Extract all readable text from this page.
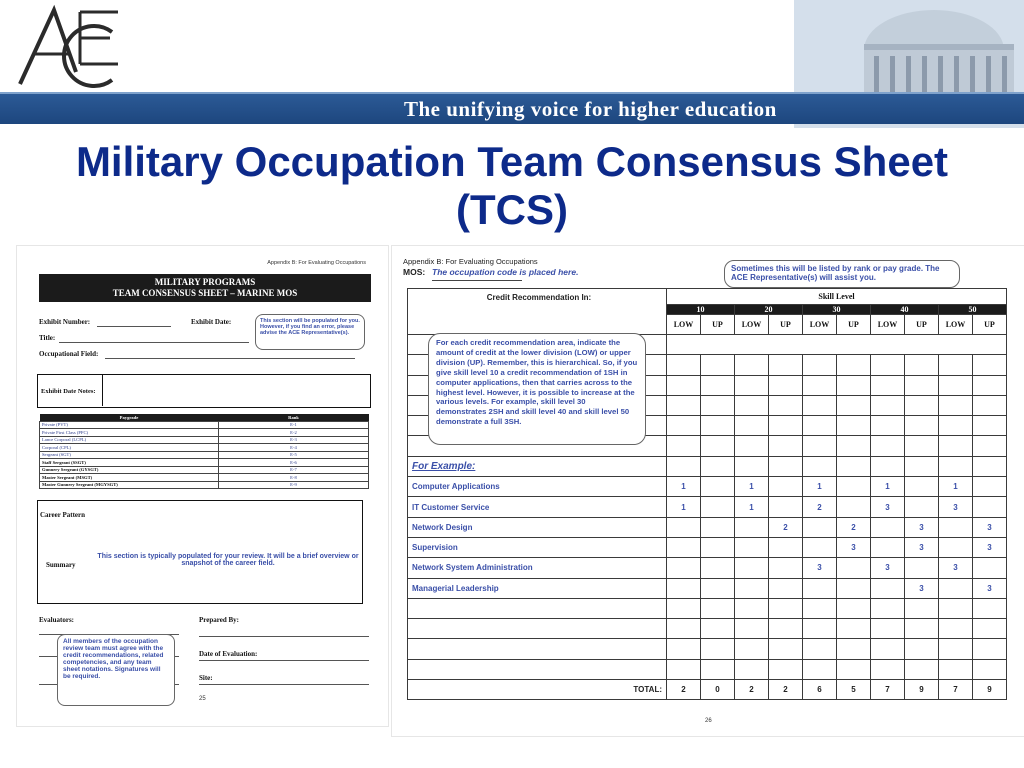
The unifying voice for higher education
Military Occupation Team Consensus Sheet
(TCS)
Appendix B: For Evaluating Occupations
MILITARY PROGRAMS
TEAM CONSENSUS SHEET – MARINE MOS
Exhibit Number:	Exhibit Date:
Title:
Occupational Field:
This section will be populated for you. However, if you find an error, please advise the ACE Representative(s).
Exhibit Date Notes:
Paygrade	Rank
Private (PVT)	E-1
Private First Class (PFC)	E-2
Lance Corporal (LCPL)	E-3
Corporal (CPL)	E-4
Sergeant (SGT)	E-5
Staff Sergeant (SSGT)	E-6
Gunnery Sergeant (GYSGT)	E-7
Master Sergeant (MSGT)	E-8
Master Gunnery Sergeant (MGYSGT)	E-9
Career Pattern
Summary
This section is typically populated for your review. It will be a brief overview or snapshot of the career field.
Evaluators:	Prepared By:
Date of Evaluation:
Site:
All members of the occupation review team must agree with the credit recommendations, related competencies, and any team sheet notations. Signatures will be required.
25
Appendix B: For Evaluating Occupations
MOS: The occupation code is placed here.
Credit Recommendation In:	Skill Level									
	10		20		30		40		50	
	LOW	UP	LOW	UP	LOW	UP	LOW	UP	LOW	UP

For Example:										
Computer Applications	1		1		1		1		1	
IT Customer Service	1		1		2		3		3	
Network Design				2		2		3		3
Supervision						3		3		3
Network System Administration					3		3		3	
Managerial Leadership								3		3

TOTAL:	2	0	2	2	6	5	7	9	7	9
Sometimes this will be listed by rank or pay grade. The ACE Representative(s) will assist you.
For each credit recommendation area, indicate the amount of credit at the lower division (LOW) or upper division (UP). Remember, this is hierarchical. So, if you give skill level 10 a credit recommendation of 1SH in computer applications, then that carries across to the highest level. However, it is possible to increase at the various levels. For example, skill level 30 demonstrates 2SH and skill level 40 and skill level 50 demonstrate a full 3SH.
26
